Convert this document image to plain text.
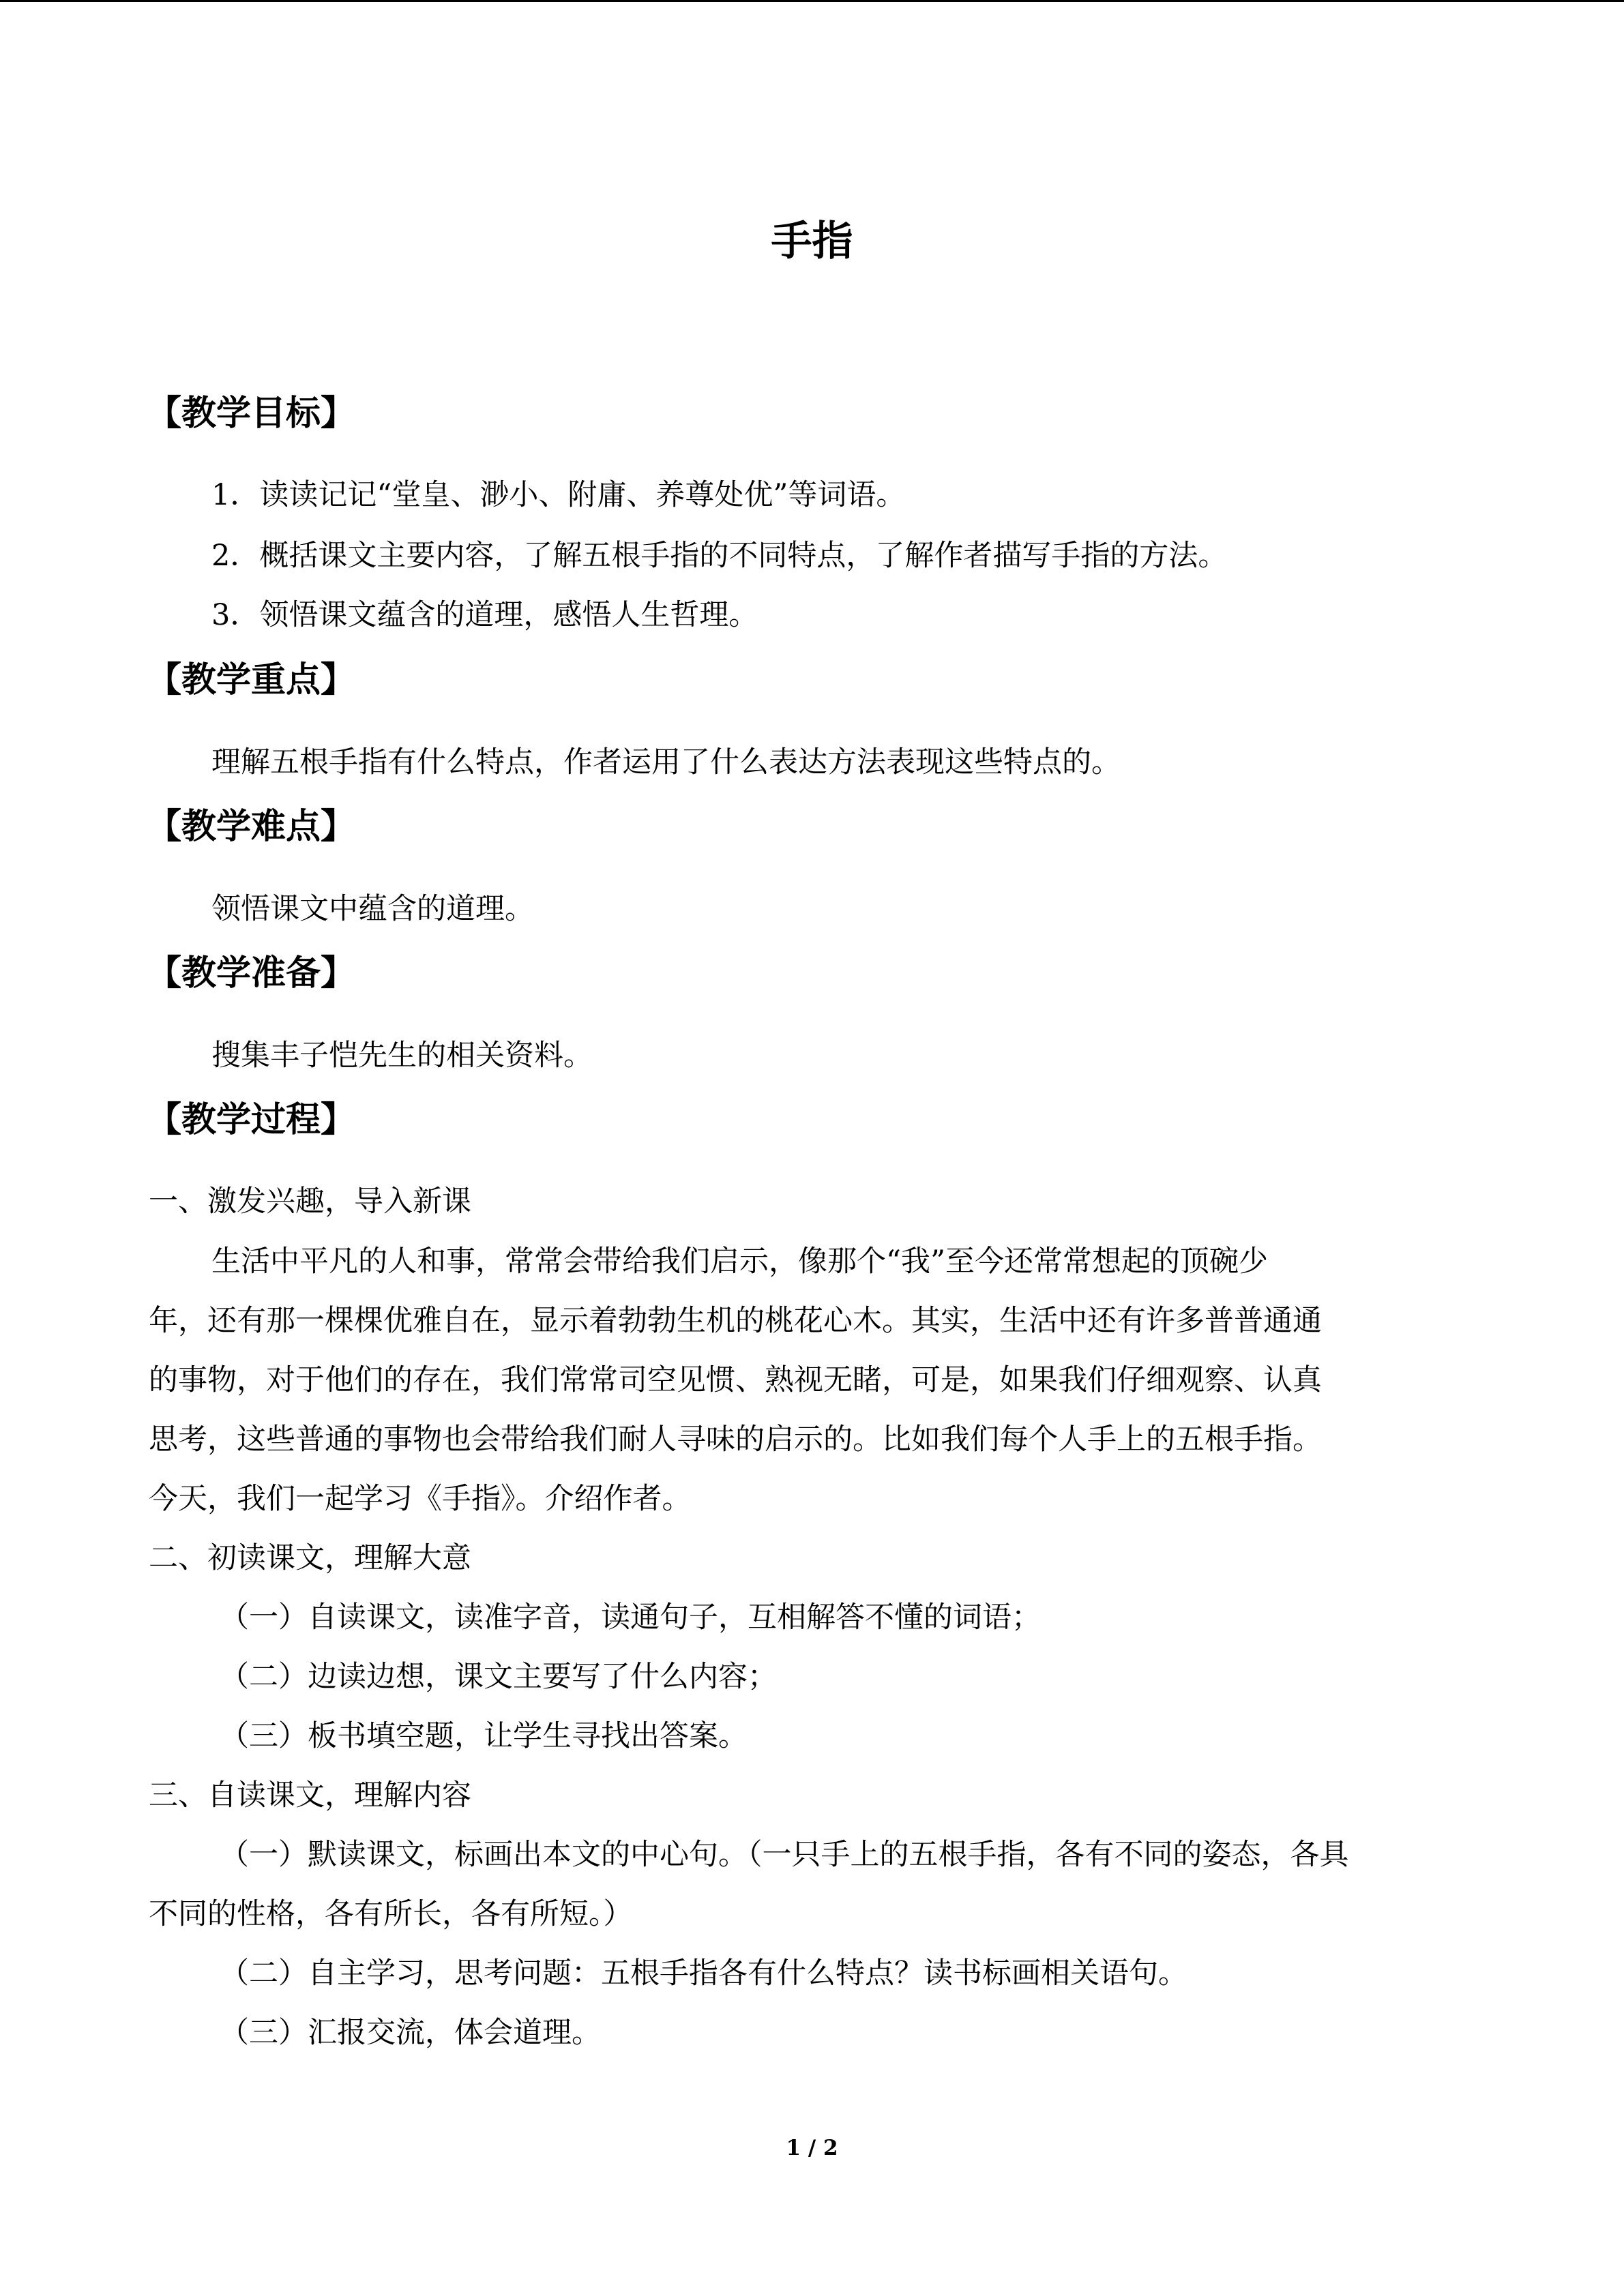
手指
【教学目标】
1．读读记记“堂皇、渺小、附庸、养尊处优”等词语。
2．概括课文主要内容，了解五根手指的不同特点，了解作者描写手指的方法。
3．领悟课文蕴含的道理，感悟人生哲理。
【教学重点】
理解五根手指有什么特点，作者运用了什么表达方法表现这些特点的。
【教学难点】
领悟课文中蕴含的道理。
【教学准备】
搜集丰子恺先生的相关资料。
【教学过程】
一、激发兴趣，导入新课
生活中平凡的人和事，常常会带给我们启示，像那个“我”至今还常常想起的顶碗少
年，还有那一棵棵优雅自在，显示着勃勃生机的桃花心木。其实，生活中还有许多普普通通
的事物，对于他们的存在，我们常常司空见惯、熟视无睹，可是，如果我们仔细观察、认真
思考，这些普通的事物也会带给我们耐人寻味的启示的。比如我们每个人手上的五根手指。
今天，我们一起学习《手指》。介绍作者。
二、初读课文，理解大意
（一）自读课文，读准字音，读通句子，互相解答不懂的词语；
（二）边读边想，课文主要写了什么内容；
（三）板书填空题，让学生寻找出答案。
三、自读课文，理解内容
（一）默读课文，标画出本文的中心句。（一只手上的五根手指，各有不同的姿态，各具
不同的性格，各有所长，各有所短。）
（二）自主学习，思考问题：五根手指各有什么特点？读书标画相关语句。
（三）汇报交流，体会道理。
1 / 2
